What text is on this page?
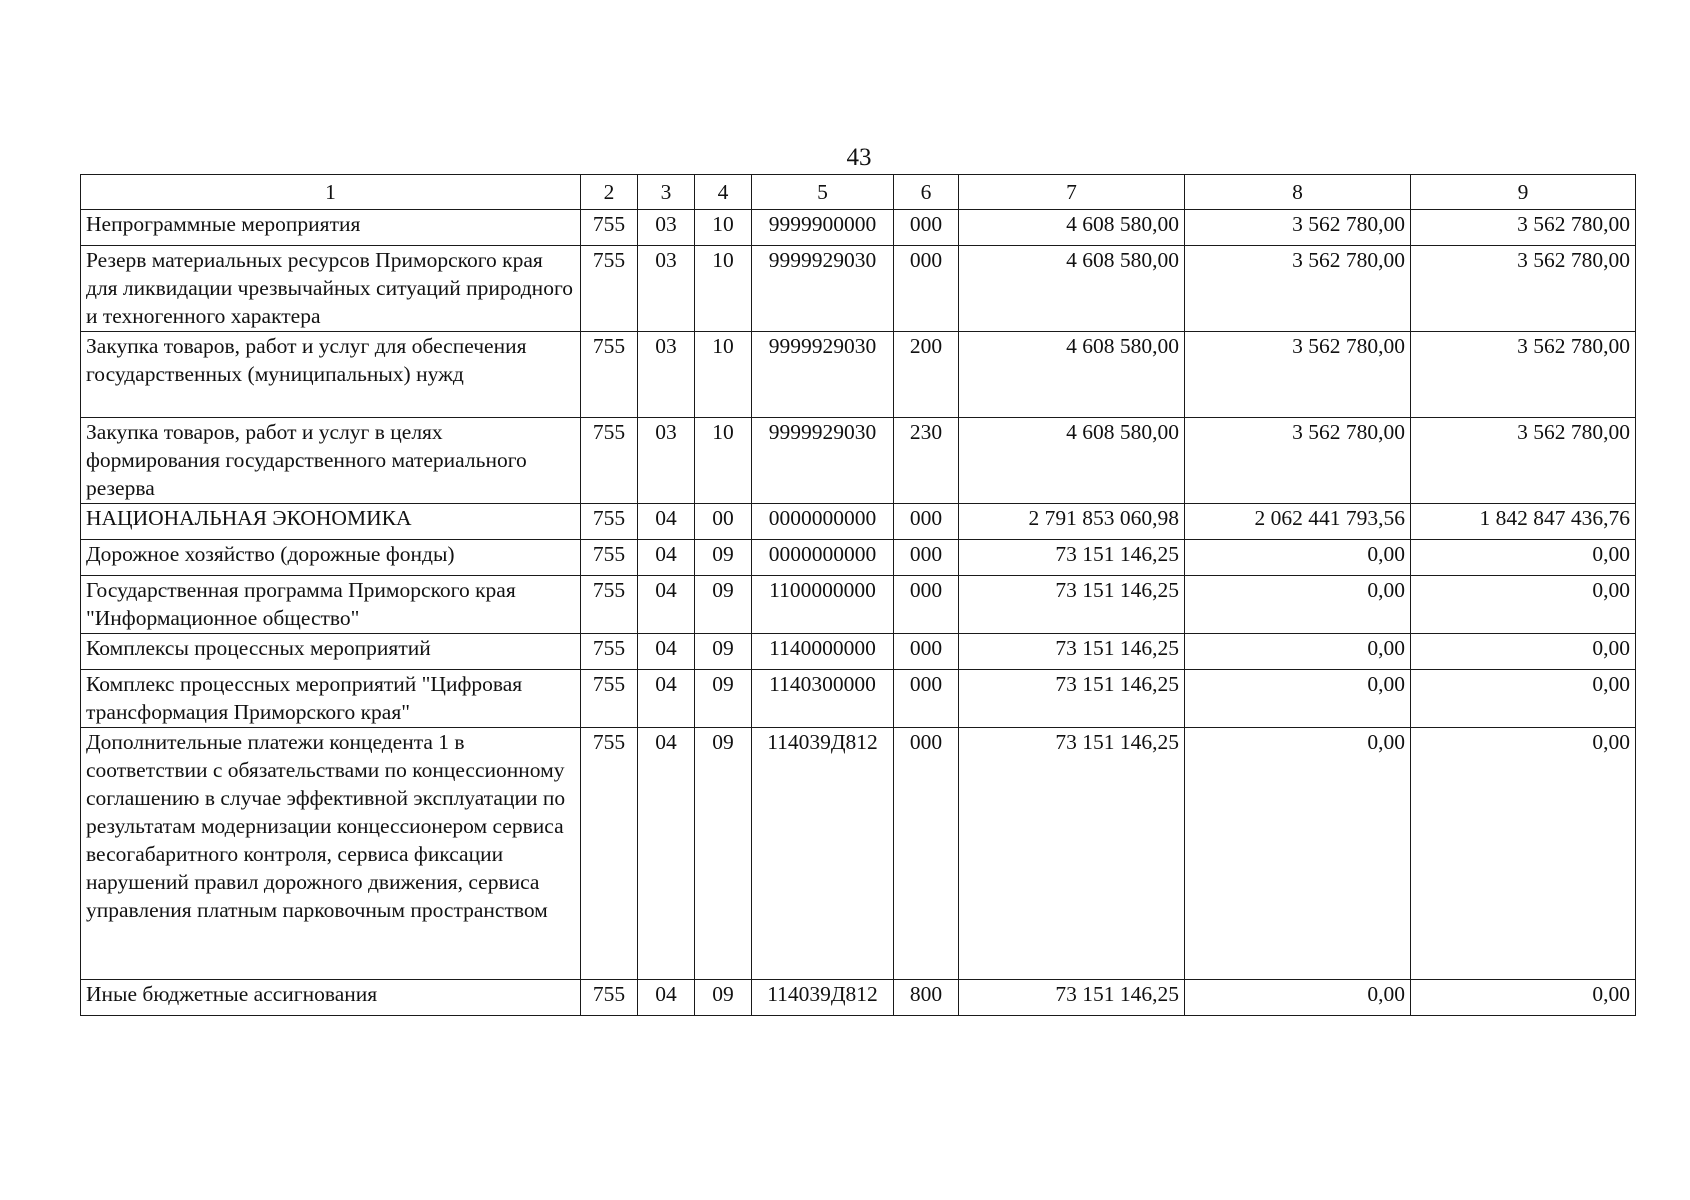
43
1	2	3	4	5	6	7	8	9
Непрограммные мероприятия	755	03	10	9999900000	000	4 608 580,00	3 562 780,00	3 562 780,00
Резерв материальных ресурсов Приморского края для ликвидации чрезвычайных ситуаций природного и техногенного характера	755	03	10	9999929030	000	4 608 580,00	3 562 780,00	3 562 780,00
Закупка товаров, работ и услуг для обеспечения государственных (муниципальных) нужд	755	03	10	9999929030	200	4 608 580,00	3 562 780,00	3 562 780,00
Закупка товаров, работ и услуг в целях формирования государственного материального резерва	755	03	10	9999929030	230	4 608 580,00	3 562 780,00	3 562 780,00
НАЦИОНАЛЬНАЯ ЭКОНОМИКА	755	04	00	0000000000	000	2 791 853 060,98	2 062 441 793,56	1 842 847 436,76
Дорожное хозяйство (дорожные фонды)	755	04	09	0000000000	000	73 151 146,25	0,00	0,00
Государственная программа Приморского края "Информационное общество"	755	04	09	1100000000	000	73 151 146,25	0,00	0,00
Комплексы процессных мероприятий	755	04	09	1140000000	000	73 151 146,25	0,00	0,00
Комплекс процессных мероприятий "Цифровая трансформация Приморского края"	755	04	09	1140300000	000	73 151 146,25	0,00	0,00
Дополнительные платежи концедента 1 в соответствии с обязательствами по концессионному соглашению в случае эффективной эксплуатации по результатам модернизации концессионером сервиса весогабаритного контроля, сервиса фиксации нарушений правил дорожного движения, сервиса управления платным парковочным пространством	755	04	09	114039Д812	000	73 151 146,25	0,00	0,00
Иные бюджетные ассигнования	755	04	09	114039Д812	800	73 151 146,25	0,00	0,00
